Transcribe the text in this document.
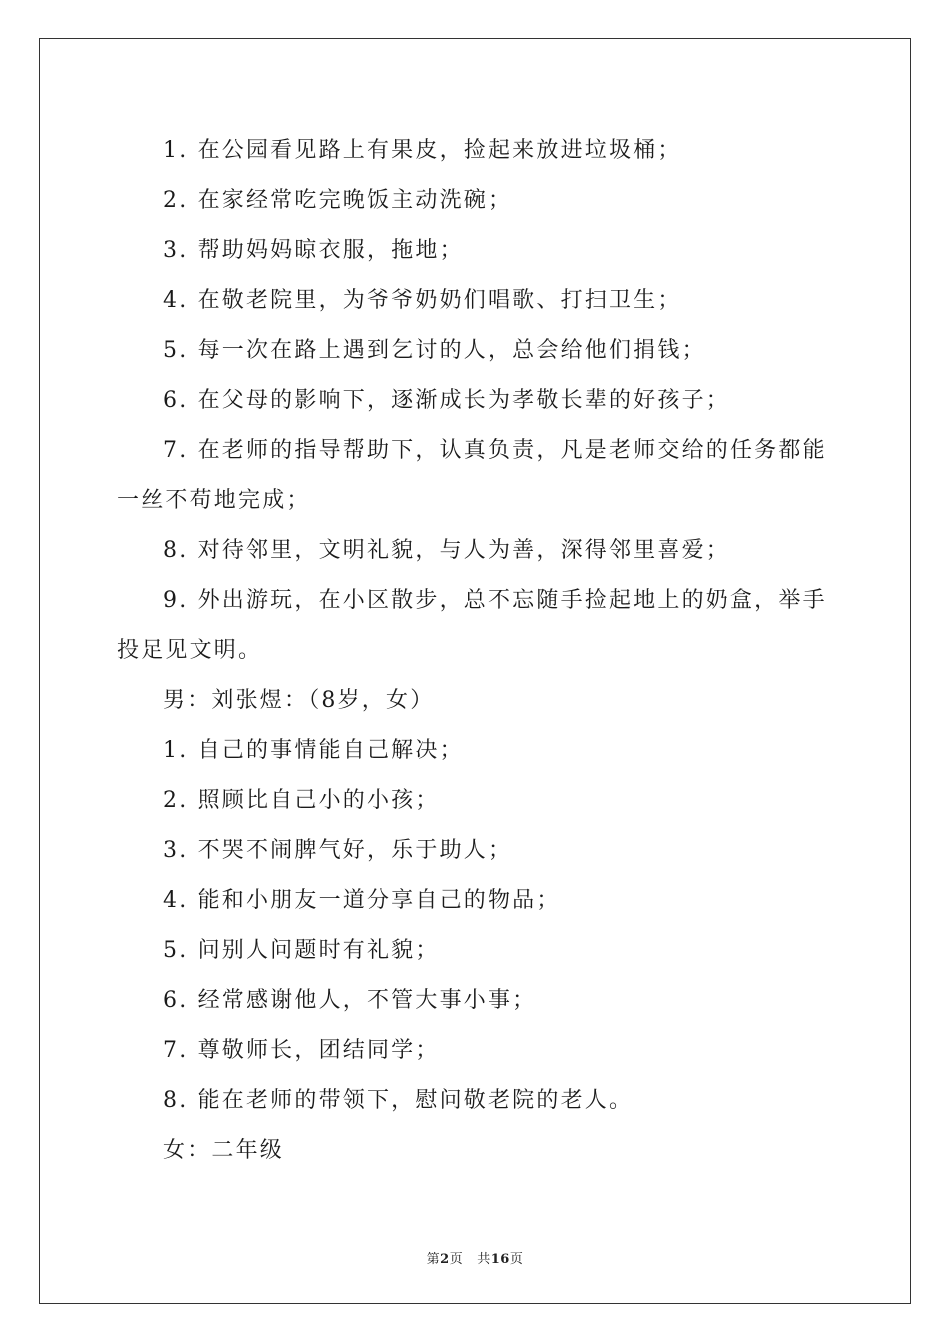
1. 在公园看见路上有果皮，捡起来放进垃圾桶；
2. 在家经常吃完晚饭主动洗碗；
3. 帮助妈妈晾衣服，拖地；
4. 在敬老院里，为爷爷奶奶们唱歌、打扫卫生；
5. 每一次在路上遇到乞讨的人，总会给他们捐钱；
6. 在父母的影响下，逐渐成长为孝敬长辈的好孩子；
7. 在老师的指导帮助下，认真负责，凡是老师交给的任务都能
一丝不苟地完成；
8. 对待邻里，文明礼貌，与人为善，深得邻里喜爱；
9. 外出游玩，在小区散步，总不忘随手捡起地上的奶盒，举手
投足见文明。
男：刘张煜：（8岁，女）
1. 自己的事情能自己解决；
2. 照顾比自己小的小孩；
3. 不哭不闹脾气好，乐于助人；
4. 能和小朋友一道分享自己的物品；
5. 问别人问题时有礼貌；
6. 经常感谢他人，不管大事小事；
7. 尊敬师长，团结同学；
8. 能在老师的带领下，慰问敬老院的老人。
女：二年级
第2页 共16页
